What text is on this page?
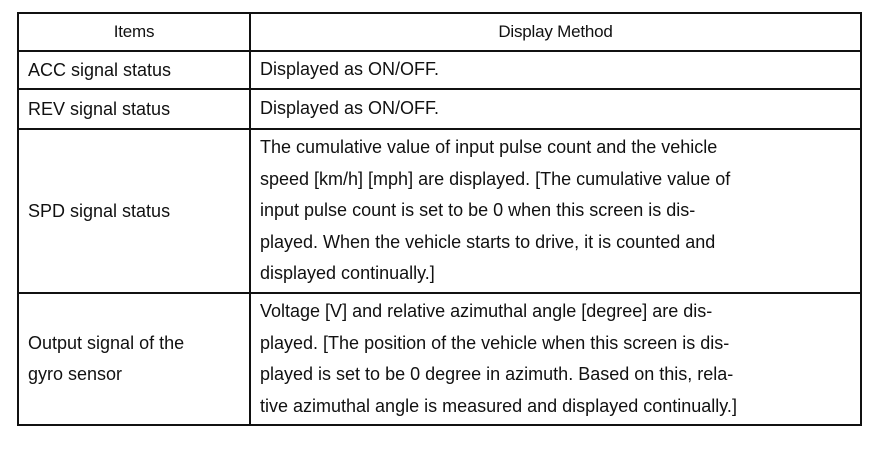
Items	Display Method
ACC signal status	Displayed as ON/OFF.

REV signal status	Displayed as ON/OFF.

SPD signal status	The cumulative value of input pulse count and the vehicle
speed [km/h] [mph] are displayed. [The cumulative value of
input pulse count is set to be 0 when this screen is dis-
played. When the vehicle starts to drive, it is counted and
displayed continually.]

Output signal of the
gyro sensor	Voltage [V] and relative azimuthal angle [degree] are dis-
played. [The position of the vehicle when this screen is dis-
played is set to be 0 degree in azimuth. Based on this, rela-
tive azimuthal angle is measured and displayed continually.]
